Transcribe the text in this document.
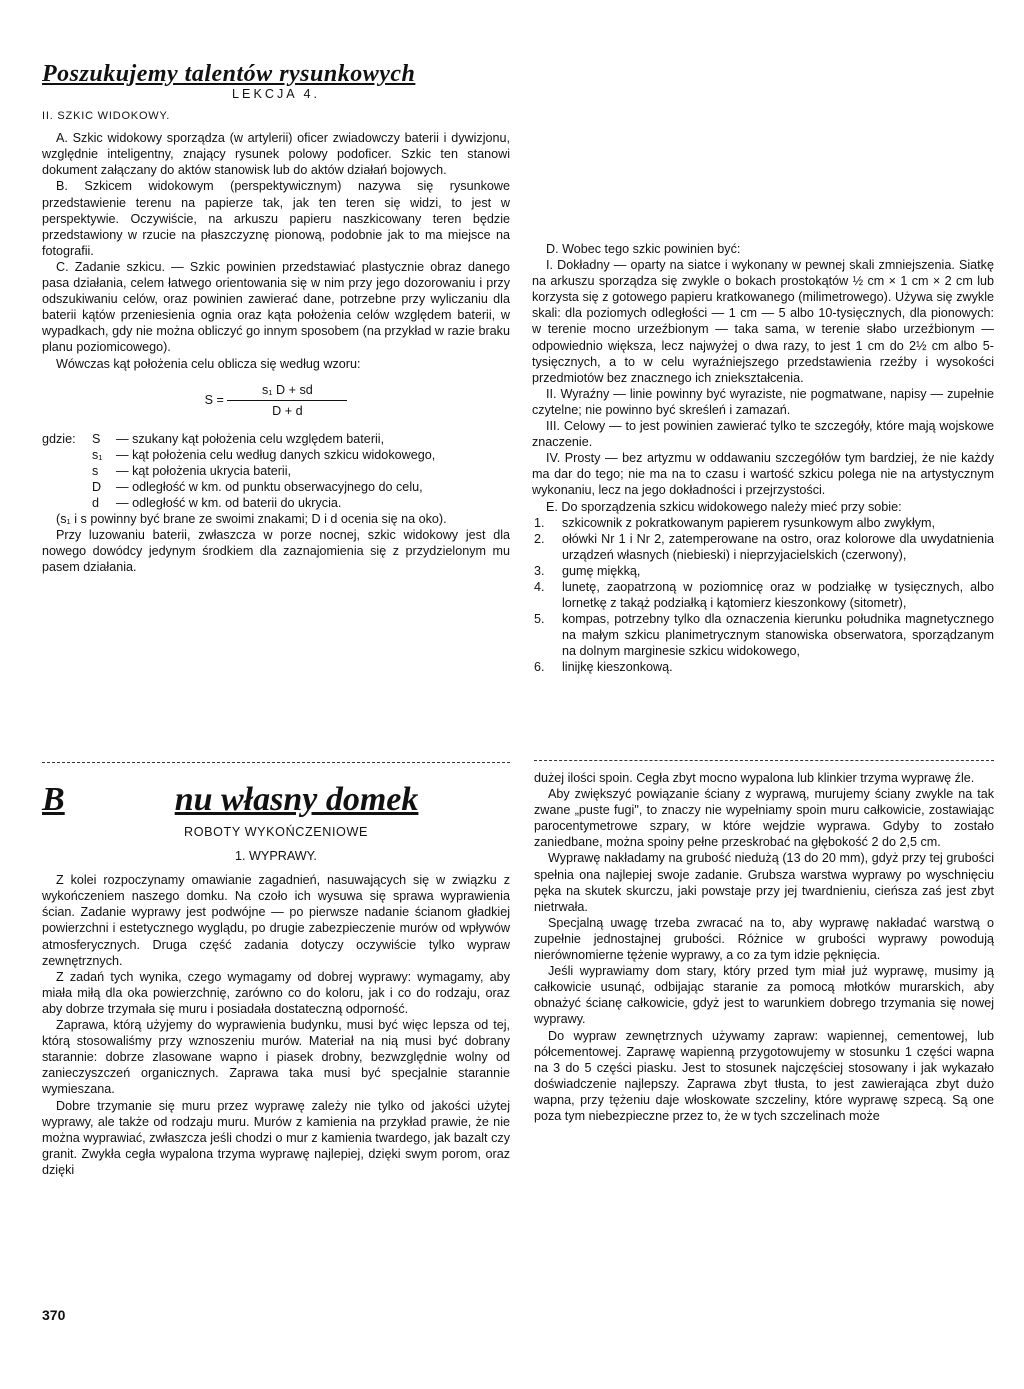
Poszukujemy talentów rysunkowych
LEKCJA 4.
II. SZKIC WIDOKOWY.

A. Szkic widokowy sporządza (w artylerii) oficer zwiadowczy baterii i dywizjonu, względnie inteligentny, znający rysunek polowy podoficer. Szkic ten stanowi dokument załączany do aktów stanowisk lub do aktów działań bojowych.

B. Szkicem widokowym (perspektywicznym) nazywa się rysunkowe przedstawienie terenu na papierze tak, jak ten teren się widzi, to jest w perspektywie. Oczywiście, na arkuszu papieru naszkicowany teren będzie przedstawiony w rzucie na płaszczyznę pionową, podobnie jak to ma miejsce na fotografii.

C. Zadanie szkicu. — Szkic powinien przedstawiać plastycznie obraz danego pasa działania, celem łatwego orientowania się w nim przy jego dozorowaniu i przy odszukiwaniu celów, oraz powinien zawierać dane, potrzebne przy wyliczaniu dla baterii kątów przeniesienia ognia oraz kąta położenia celów względem baterii, w wypadkach, gdy nie można obliczyć go innym sposobem (na przykład w razie braku planu poziomicowego).

Wówczas kąt położenia celu oblicza się według wzoru:

$S = \frac{\text{s₁ D + sd}}{D + d}$
gdzie:	S	— szukany kąt położenia celu względem baterii,
s₁	— kąt położenia celu według danych szkicu widokowego,
s	— kąt położenia ukrycia baterii,
D	— odległość w km. od punktu obserwacyjnego do celu,
d	— odległość w km. od baterii do ukrycia.

(s₁ i s powinny być brane ze swoimi znakami; D i d ocenia się na oko).

Przy luzowaniu baterii, zwłaszcza w porze nocnej, szkic widokowy jest dla nowego dowódcy jedynym środkiem dla zaznajomienia się z przydzielonym mu pasem działania.

D. Wobec tego szkic powinien być:

I. Dokładny — oparty na siatce i wykonany w pewnej skali zmniejszenia. Siatkę na arkuszu sporządza się zwykle o bokach prostokątów ½ cm × 1 cm × 2 cm lub korzysta się z gotowego papieru kratkowanego (milimetrowego). Używa się zwykle skali: dla poziomych odległości — 1 cm — 5 albo 10-tysięcznych, dla pionowych: w terenie mocno urzeźbionym — taka sama, w terenie słabo urzeźbionym — odpowiednio większa, lecz najwyżej o dwa razy, to jest 1 cm do 2½ cm albo 5-tysięcznych, a to w celu wyraźniejszego przedstawienia rzeźby i wysokości przedmiotów bez znacznego ich zniekształcenia.

II. Wyraźny — linie powinny być wyraziste, nie pogmatwane, napisy — zupełnie czytelne; nie powinno być skreśleń i zamazań.

III. Celowy — to jest powinien zawierać tylko te szczegóły, które mają wojskowe znaczenie.

IV. Prosty — bez artyzmu w oddawaniu szczegółów tym bardziej, że nie każdy ma dar do tego; nie ma na to czasu i wartość szkicu polega nie na artystycznym wykonaniu, lecz na jego dokładności i przejrzystości.

E. Do sporządzenia szkicu widokowego należy mieć przy sobie:

1.	szkicownik z pokratkowanym papierem rysunkowym albo zwykłym,
2.	ołówki Nr 1 i Nr 2, zatemperowane na ostro, oraz kolorowe dla uwydatnienia urządzeń własnych (niebieski) i nieprzyjacielskich (czerwony),
3.	gumę miękką,
4.	lunetę, zaopatrzoną w poziomnicę oraz w podziałkę w tysięcznych, albo lornetkę z takąż podziałką i kątomierz kieszonkowy (sitometr),
5.	kompas, potrzebny tylko dla oznaczenia kierunku południka magnetycznego na małym szkicu planimetrycznym stanowiska obserwatora, sporządzanym na dolnym marginesie szkicu widokowego,
6.	linijkę kieszonkową.
B	nu własny domek
ROBOTY WYKOŃCZENIOWE
1. WYPRAWY.

Z kolei rozpoczynamy omawianie zagadnień, nasuwających się w związku z wykończeniem naszego domku. Na czoło ich wysuwa się sprawa wyprawienia ścian. Zadanie wyprawy jest podwójne — po pierwsze nadanie ścianom gładkiej powierzchni i estetycznego wyglądu, po drugie zabezpieczenie murów od wpływów atmosferycznych. Druga część zadania dotyczy oczywiście tylko wypraw zewnętrznych.

Z zadań tych wynika, czego wymagamy od dobrej wyprawy: wymagamy, aby miała miłą dla oka powierzchnię, zarówno co do koloru, jak i co do rodzaju, oraz aby dobrze trzymała się muru i posiadała dostateczną odporność.

Zaprawa, którą użyjemy do wyprawienia budynku, musi być więc lepsza od tej, którą stosowaliśmy przy wznoszeniu murów. Materiał na nią musi być dobrany starannie: dobrze zlasowane wapno i piasek drobny, bezwzględnie wolny od zanieczyszczeń organicznych. Zaprawa taka musi być specjalnie starannie wymieszana.

Dobre trzymanie się muru przez wyprawę zależy nie tylko od jakości użytej wyprawy, ale także od rodzaju muru. Murów z kamienia na przykład prawie, że nie można wyprawiać, zwłaszcza jeśli chodzi o mur z kamienia twardego, jak bazalt czy granit. Zwykła cegła wypalona trzyma wyprawę najlepiej, dzięki swym porom, oraz dzięki

dużej ilości spoin. Cegła zbyt mocno wypalona lub klinkier trzyma wyprawę źle.

Aby zwiększyć powiązanie ściany z wyprawą, murujemy ściany zwykle na tak zwane „puste fugi", to znaczy nie wypełniamy spoin muru całkowicie, zostawiając parocentymetrowe szpary, w które wejdzie wyprawa. Gdyby to zostało zaniedbane, można spoiny pełne przeskrobać na głębokość 2 do 2,5 cm.

Wyprawę nakładamy na grubość niedużą (13 do 20 mm), gdyż przy tej grubości spełnia ona najlepiej swoje zadanie. Grubsza warstwa wyprawy po wyschnięciu pęka na skutek skurczu, jaki powstaje przy jej twardnieniu, cieńsza zaś jest zbyt nietrwała.

Specjalną uwagę trzeba zwracać na to, aby wyprawę nakładać warstwą o zupełnie jednostajnej grubości. Różnice w grubości wyprawy powodują nierównomierne tężenie wyprawy, a co za tym idzie pęknięcia.

Jeśli wyprawiamy dom stary, który przed tym miał już wyprawę, musimy ją całkowicie usunąć, odbijając staranie za pomocą młotków murarskich, aby obnażyć ścianę całkowicie, gdyż jest to warunkiem dobrego trzymania się nowej wyprawy.

Do wypraw zewnętrznych używamy zapraw: wapiennej, cementowej, lub półcementowej. Zaprawę wapienną przygotowujemy w stosunku 1 części wapna na 3 do 5 części piasku. Jest to stosunek najczęściej stosowany i jak wykazało doświadczenie najlepszy. Zaprawa zbyt tłusta, to jest zawierająca zbyt dużo wapna, przy tężeniu daje włoskowate szczeliny, które wyprawę szpecą. Są one poza tym niebezpieczne przez to, że w tych szczelinach może

370
